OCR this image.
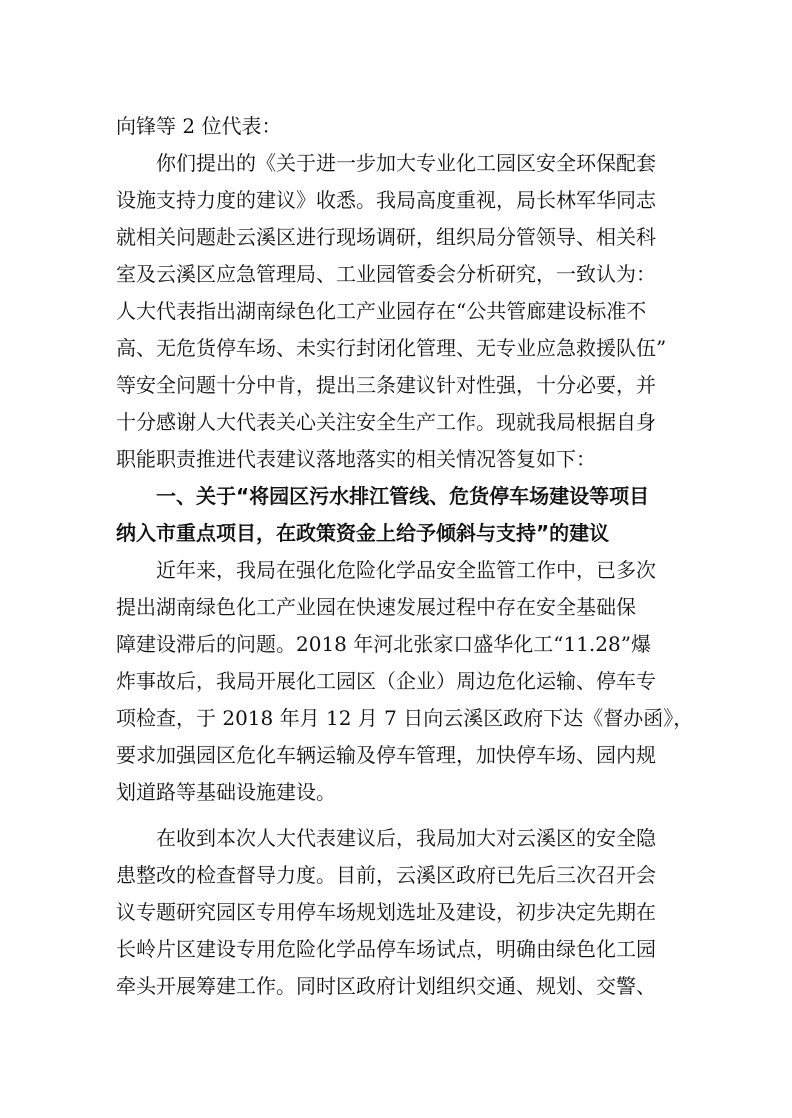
向锋等 2 位代表：
　　你们提出的《关于进一步加大专业化工园区安全环保配套
设施支持力度的建议》收悉。我局高度重视，局长林军华同志
就相关问题赴云溪区进行现场调研，组织局分管领导、相关科
室及云溪区应急管理局、工业园管委会分析研究，一致认为：
人大代表指出湖南绿色化工产业园存在“公共管廊建设标准不
高、无危货停车场、未实行封闭化管理、无专业应急救援队伍”
等安全问题十分中肯，提出三条建议针对性强，十分必要，并
十分感谢人大代表关心关注安全生产工作。现就我局根据自身
职能职责推进代表建议落地落实的相关情况答复如下：
　　一、关于“将园区污水排江管线、危货停车场建设等项目
纳入市重点项目，在政策资金上给予倾斜与支持”的建议
　　近年来，我局在强化危险化学品安全监管工作中，已多次
提出湖南绿色化工产业园在快速发展过程中存在安全基础保
障建设滞后的问题。2018 年河北张家口盛华化工“11.28”爆
炸事故后，我局开展化工园区（企业）周边危化运输、停车专
项检查，于 2018 年月 12 月 7 日向云溪区政府下达《督办函》，
要求加强园区危化车辆运输及停车管理，加快停车场、园内规
划道路等基础设施建设。
　　在收到本次人大代表建议后，我局加大对云溪区的安全隐
患整改的检查督导力度。目前，云溪区政府已先后三次召开会
议专题研究园区专用停车场规划选址及建设，初步决定先期在
长岭片区建设专用危险化学品停车场试点，明确由绿色化工园
牵头开展筹建工作。同时区政府计划组织交通、规划、交警、
